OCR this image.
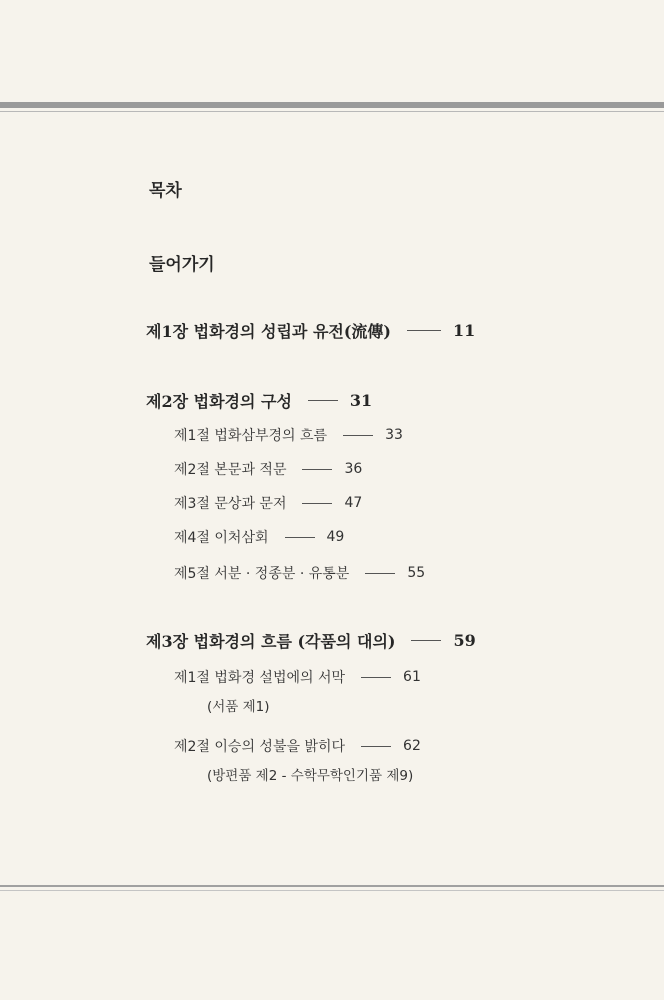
목차
들어가기
제1장 법화경의 성립과 유전(流傳)	11
제2장 법화경의 구성	31
제1절 법화삼부경의 흐름	33
제2절 본문과 적문	36
제3절 문상과 문저	47
제4절 이처삼회	49
제5절 서분 · 정종분 · 유통분	55
제3장 법화경의 흐름 (각품의 대의)	59
제1절 법화경 설법에의 서막	61
(서품 제1)
제2절 이승의 성불을 밝히다	62
(방편품 제2 - 수학무학인기품 제9)
